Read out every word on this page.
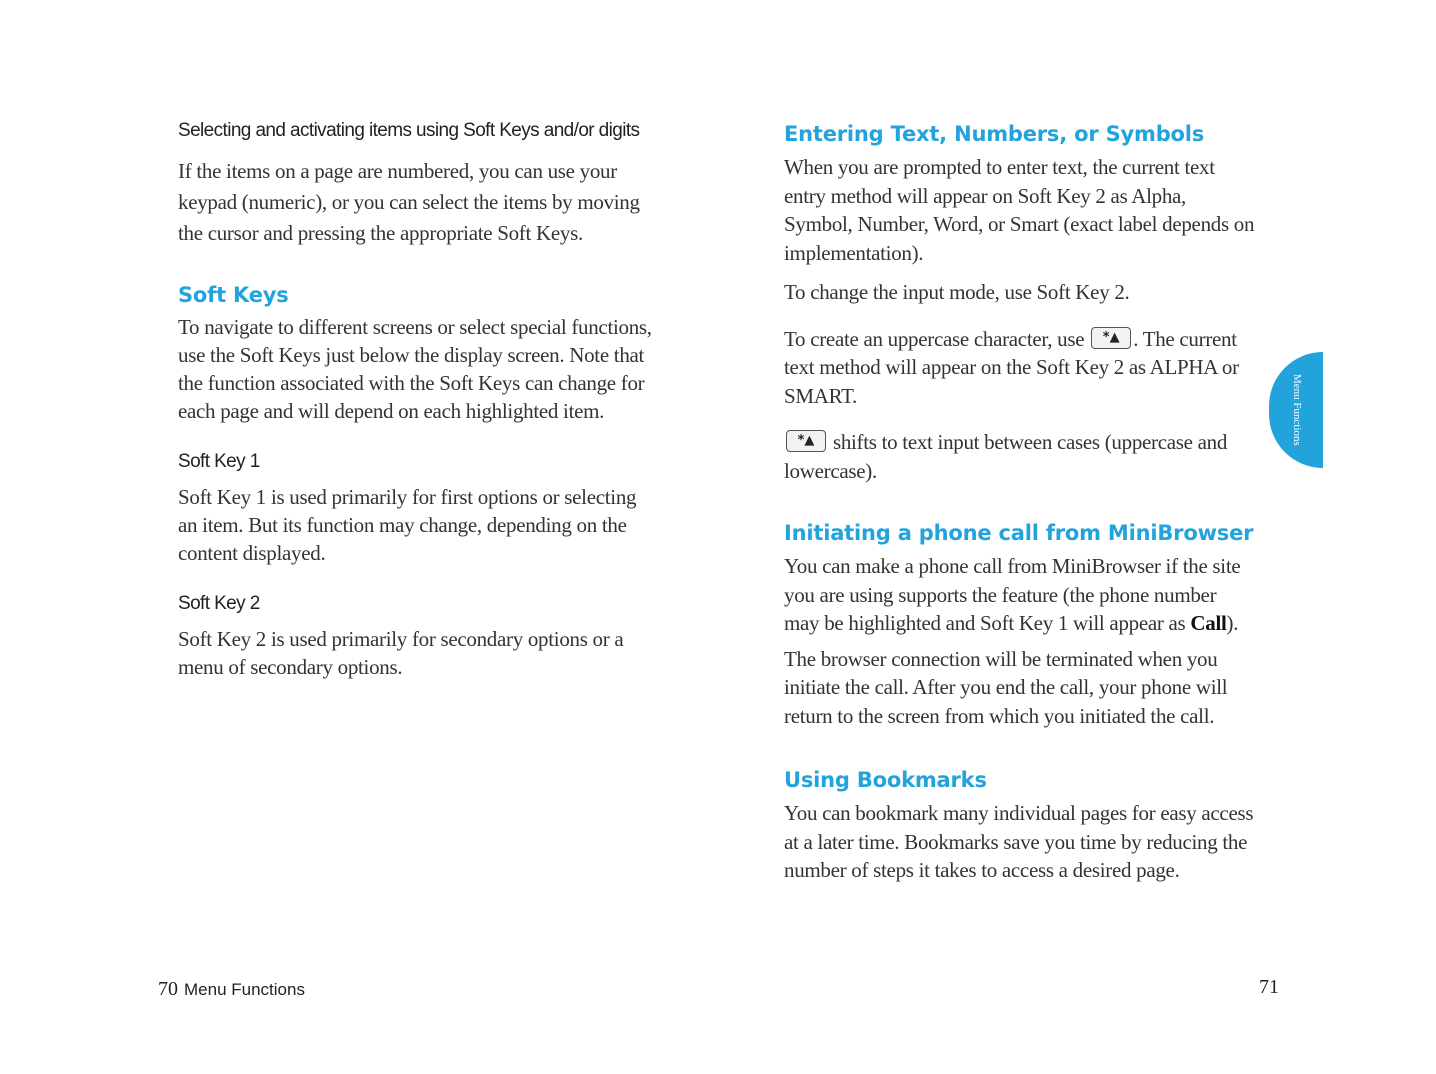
Selecting and activating items using Soft Keys and/or digits

If the items on a page are numbered, you can use your keypad (numeric), or you can select the items by moving the cursor and pressing the appropriate Soft Keys.

Soft Keys

To navigate to different screens or select special functions, use the Soft Keys just below the display screen. Note that the function associated with the Soft Keys can change for each page and will depend on each highlighted item.

Soft Key 1

Soft Key 1 is used primarily for first options or selecting an item. But its function may change, depending on the content displayed.

Soft Key 2

Soft Key 2 is used primarily for secondary options or a menu of secondary options.

70 Menu Functions
Entering Text, Numbers, or Symbols

When you are prompted to enter text, the current text entry method will appear on Soft Key 2 as Alpha, Symbol, Number, Word, or Smart (exact label depends on implementation).

To change the input mode, use Soft Key 2.

To create an uppercase character, use	*▲ . The current text method will appear on the Soft Key 2 as ALPHA or SMART.

*▲ shifts to text input between cases (uppercase and lowercase).

Initiating a phone call from MiniBrowser

You can make a phone call from MiniBrowser if the site you are using supports the feature (the phone number may be highlighted and Soft Key 1 will appear as Call).

The browser connection will be terminated when you initiate the call. After you end the call, your phone will return to the screen from which you initiated the call.

Using Bookmarks

You can bookmark many individual pages for easy access at a later time. Bookmarks save you time by reducing the number of steps it takes to access a desired page.

Menu Functions
71
